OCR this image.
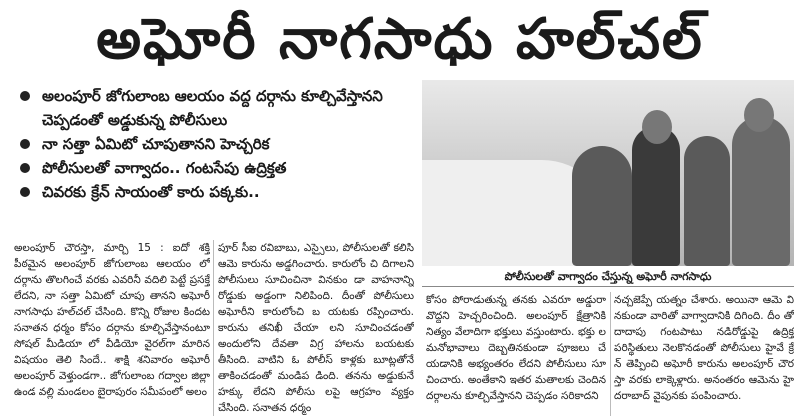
అఘోరీ నాగసాధు హల్‌చల్
అలంపూర్ జోగులాంబ ఆలయం వద్ద దర్గాను కూల్చివేస్తానని చెప్పడంతో అడ్డుకున్న పోలీసులు
నా సత్తా ఏమిటో చూపుతానని హెచ్చరిక
పోలీసులతో వాగ్వాదం.. గంటసేపు ఉద్రిక్తత
చివరకు క్రేన్ సాయంతో కారు పక్కకు..
పోలీసులతో వాగ్వాదం చేస్తున్న అఘోరీ నాగసాధు

అలంపూర్ చౌరస్తా, మార్చి 15 : ఐదో శక్తి పీఠమైన అలంపూర్ జోగులాంబ ఆలయం లో దర్గాను తొలగించే వరకు ఎవరినీ వదిలి పెట్టే ప్రసక్తే లేదని, నా సత్తా ఏమిటో చూపు తానని అఘోరీ నాగసాధు హల్‌చల్ చేసింది. కొన్ని రోజుల కిందట సనాతన ధర్మం కోసం దర్గాను కూల్చివేస్తానంటూ సోషల్ మీడియా లో వీడియో వైరల్‌గా మారిన విషయం తెలి సిందే.. శాక్షి శనివారం అఘోరీ అలంపూర్ వెళ్తుండగా.. జోగులాంబ గద్వాల జిల్లా ఉండ వల్లి మండలం బైరాపురం సమీపంలో అలం

పూర్ సీఐ రవిబాబు, ఎస్సైలు, పోలీసులతో కలిసి ఆమె కారును అడ్డగించారు. కారులోం చి దిగాలని పోలీసులు సూచించినా వినకుం డా వాహనాన్ని రోడ్డుకు అడ్డంగా నిలిపింది. దీంతో పోలీసులు అఘోరీని కారులోంచి బ యటకు రప్పించారు. కారును తనిఖీ చేయా లని సూచించడంతో అందులోని దేవతా విగ్ర హాలను బయటకు తీసింది. వాటిని ఓ పోలీస్ కాళ్లకు బూట్లతోనే తాకించడంతో మండిప డింది. తనను అడ్డుకునే హక్కు లేదని పోలీసు లపై ఆగ్రహం వ్యక్తం చేసింది. సనాతన ధర్మం

కోసం పోరాడుతున్న తనకు ఎవరూ అడ్డురా వొద్దని హెచ్చరించింది. అలంపూర్ క్షేత్రానికి నిత్యం వేలాదిగా భక్తులు వస్తుంటారు. భక్తు ల మనోభావాలు దెబ్బతినకుండా పూజలు చే యడానికి అభ్యంతరం లేదని పోలీసులు సూ చించారు. అంతేకాని ఇతర మతాలకు చెందిన దర్గాలను కూల్చివేస్తానని చెప్పడం సరికాదని

నచ్చజెప్పే యత్నం చేశారు. అయినా ఆమె వి నకుండా వారితో వాగ్వాదానికి దిగింది. దీం తో దాదాపు గంటపాటు నడిరోడ్డుపై ఉద్రిక్త పరిస్థితులు నెలకొనడంతో పోలీసులు హైవే క్రే న్ తెప్పించి అఘోరీ కారును అలంపూర్ చౌర స్తా వరకు లాక్కెళ్లారు. అనంతరం ఆమెను హై దరాబాద్ వైపునకు పంపించారు.
